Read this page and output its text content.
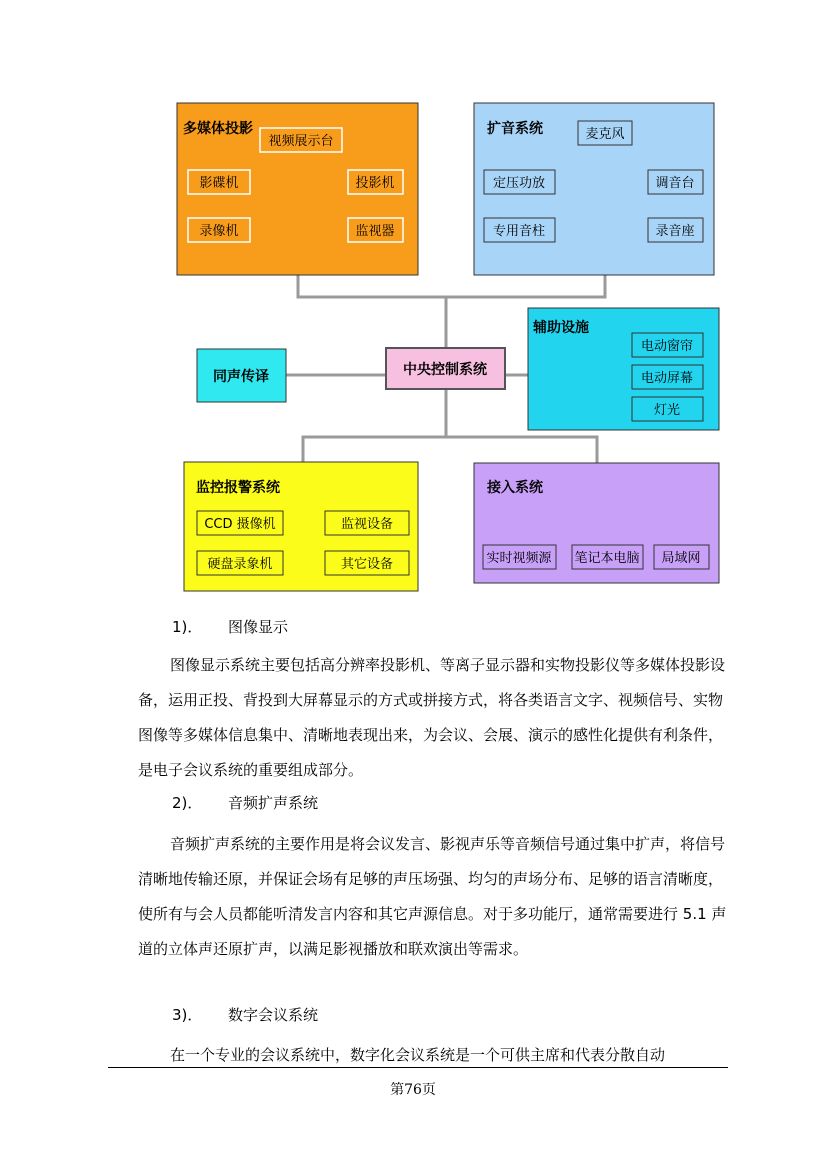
多媒体投影
视频展示台
影碟机	投影机
录像机	监视器
扩音系统	麦克风
定压功放	调音台
专用音柱	录音座
同声传译	中央控制系统
辅助设施
电动窗帘
电动屏幕
灯光
监控报警系统
CCD 摄像机	监视设备
硬盘录象机	其它设备
接入系统
实时视频源 笔记本电脑 局域网

1)． 图像显示

图像显示系统主要包括高分辨率投影机、等离子显示器和实物投影仪等多媒体投影设备，运用正投、背投到大屏幕显示的方式或拼接方式，将各类语言文字、视频信号、实物图像等多媒体信息集中、清晰地表现出来，为会议、会展、演示的感性化提供有利条件，是电子会议系统的重要组成部分。

2)． 音频扩声系统

音频扩声系统的主要作用是将会议发言、影视声乐等音频信号通过集中扩声，将信号清晰地传输还原，并保证会场有足够的声压场强、均匀的声场分布、足够的语言清晰度，使所有与会人员都能听清发言内容和其它声源信息。对于多功能厅，通常需要进行 5.1 声道的立体声还原扩声，以满足影视播放和联欢演出等需求。

3)． 数字会议系统

在一个专业的会议系统中，数字化会议系统是一个可供主席和代表分散自动

第76页
